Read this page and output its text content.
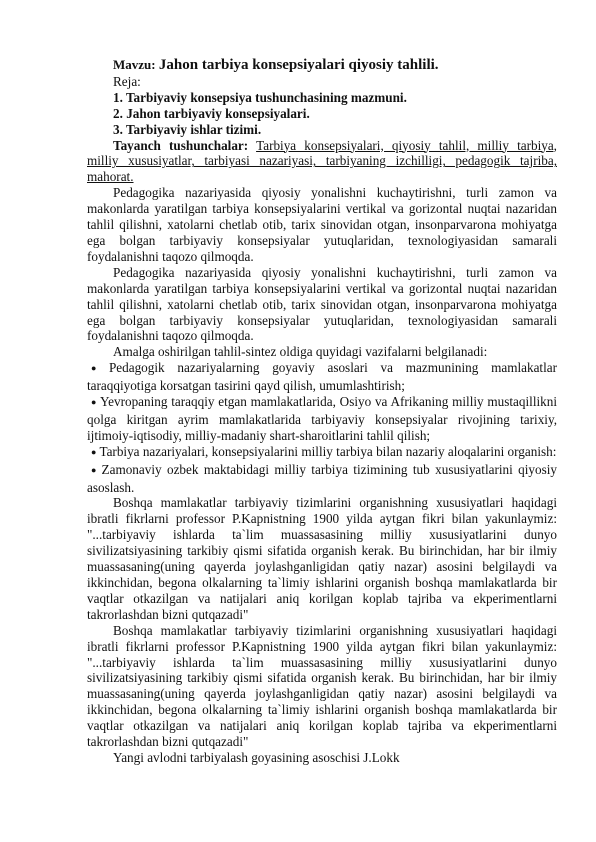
Mavzu: Jahon tarbiya konsepsiyalari qiyosiy tahlili.

Reja:

1. Tarbiyaviy konsepsiya tushunchasining mazmuni.

2. Jahon tarbiyaviy konsepsiyalari.

3. Tarbiyaviy ishlar tizimi.

Tayanch tushunchalar: Tarbiya konsepsiyalari, qiyosiy tahlil, milliy tarbiya, milliy xususiyatlar, tarbiyasi nazariyasi, tarbiyaning izchilligi, pedagogik tajriba, mahorat.

Pedagogika nazariyasida qiyosiy yonalishni kuchaytirishni, turli zamon va makonlarda yaratilgan tarbiya konsepsiyalarini vertikal va gorizontal nuqtai nazaridan tahlil qilishni, xatolarni chetlab otib, tarix sinovidan otgan, insonparvarona mohiyatga ega bolgan tarbiyaviy konsepsiyalar yutuqlaridan, texnologiyasidan samarali foydalanishni taqozo qilmoqda.

Pedagogika nazariyasida qiyosiy yonalishni kuchaytirishni, turli zamon va makonlarda yaratilgan tarbiya konsepsiyalarini vertikal va gorizontal nuqtai nazaridan tahlil qilishni, xatolarni chetlab otib, tarix sinovidan otgan, insonparvarona mohiyatga ega bolgan tarbiyaviy konsepsiyalar yutuqlaridan, texnologiyasidan samarali foydalanishni taqozo qilmoqda.

Amalga oshirilgan tahlil-sintez oldiga quyidagi vazifalarni belgilanadi:

● Pedagogik nazariyalarning goyaviy asoslari va mazmunining mamlakatlar taraqqiyotiga korsatgan tasirini qayd qilish, umumlashtirish;

● Yevropaning taraqqiy etgan mamlakatlarida, Osiyo va Afrikaning milliy mustaqillikni qolga kiritgan ayrim mamlakatlarida tarbiyaviy konsepsiyalar rivojining tarixiy, ijtimoiy-iqtisodiy, milliy-madaniy shart-sharoitlarini tahlil qilish;

● Tarbiya nazariyalari, konsepsiyalarini milliy tarbiya bilan nazariy aloqalarini organish:

● Zamonaviy ozbek maktabidagi milliy tarbiya tizimining tub xususiyatlarini qiyosiy asoslash.

Boshqa mamlakatlar tarbiyaviy tizimlarini organishning xususiyatlari haqidagi ibratli fikrlarni professor P.Kapnistning 1900 yilda aytgan fikri bilan yakunlaymiz: "...tarbiyaviy ishlarda ta`lim muassasasining milliy xususiyatlarini dunyo sivilizatsiyasining tarkibiy qismi sifatida organish kerak. Bu birinchidan, har bir ilmiy muassasaning(uning qayerda joylashganligidan qatiy nazar) asosini belgilaydi va ikkinchidan, begona olkalarning ta`limiy ishlarini organish boshqa mamlakatlarda bir vaqtlar otkazilgan va natijalari aniq korilgan koplab tajriba va ekperimentlarni takrorlashdan bizni qutqazadi"

Boshqa mamlakatlar tarbiyaviy tizimlarini organishning xususiyatlari haqidagi ibratli fikrlarni professor P.Kapnistning 1900 yilda aytgan fikri bilan yakunlaymiz: "...tarbiyaviy ishlarda ta`lim muassasasining milliy xususiyatlarini dunyo sivilizatsiyasining tarkibiy qismi sifatida organish kerak. Bu birinchidan, har bir ilmiy muassasaning(uning qayerda joylashganligidan qatiy nazar) asosini belgilaydi va ikkinchidan, begona olkalarning ta`limiy ishlarini organish boshqa mamlakatlarda bir vaqtlar otkazilgan va natijalari aniq korilgan koplab tajriba va ekperimentlarni takrorlashdan bizni qutqazadi"

Yangi avlodni tarbiyalash goyasining asoschisi J.Lokk
